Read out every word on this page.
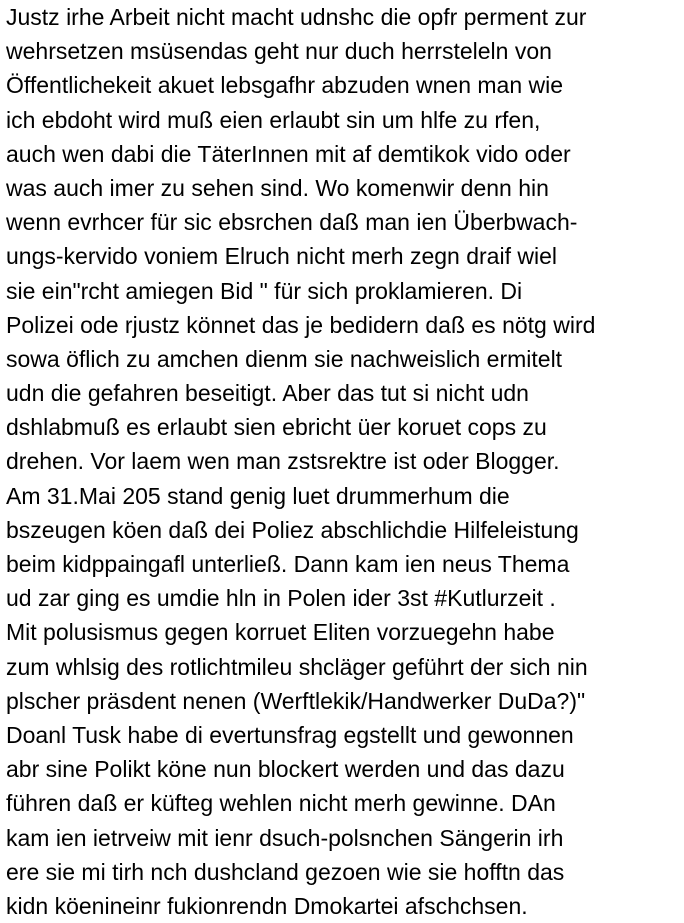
Justz irhe Arbeit nicht macht udnshc die opfr perment zur
wehrsetzen msüsendas geht nur duch herrsteleln von
Öffentlichekeit akuet lebsgafhr abzuden wnen man wie
ich ebdoht wird muß eien erlaubt sin um hlfe zu rfen,
auch wen dabi die TäterInnen mit af demtikok vido oder
was auch imer zu sehen sind. Wo komenwir denn hin
wenn evrhcer für sic ebsrchen daß man ien Überbwach-
ungs-kervido voniem Elruch nicht merh zegn draif wiel
sie ein"rcht amiegen Bid " für sich proklamieren. Di
Polizei ode rjustz könnet das je bedidern daß es nötg wird
sowa öflich zu amchen dienm sie nachweislich ermitelt
udn die gefahren beseitigt. Aber das tut si nicht udn
dshlabmuß es erlaubt sien ebricht üer koruet cops zu
drehen. Vor laem wen man zstsrektre ist oder Blogger.
Am 31.Mai 205 stand genig luet drummerhum die
bszeugen köen daß dei Poliez abschlichdie Hilfeleistung
beim kidppaingafl unterließ. Dann kam ien neus Thema
ud zar ging es umdie hln in Polen ider 3st #Kutlurzeit .
Mit polusismus gegen korruet Eliten vorzuegehn habe
zum whlsig des rotlichtmileu shcläger geführt der sich nin
plscher präsdent nenen (Werftlekik/Handwerker DuDa?)"
Doanl Tusk habe di evertunsfrag egstellt und gewonnen
abr sine Polikt köne nun blockert werden und das dazu
führen daß er küfteg wehlen nicht merh gewinne. DAn
kam ien ietrveiw mit ienr dsuch-polsnchen Sängerin irh
ere sie mi tirh nch dushcland gezoen wie sie hofftn das
kidn köenineinr fukionrendn Dmokartei afschchsen.
